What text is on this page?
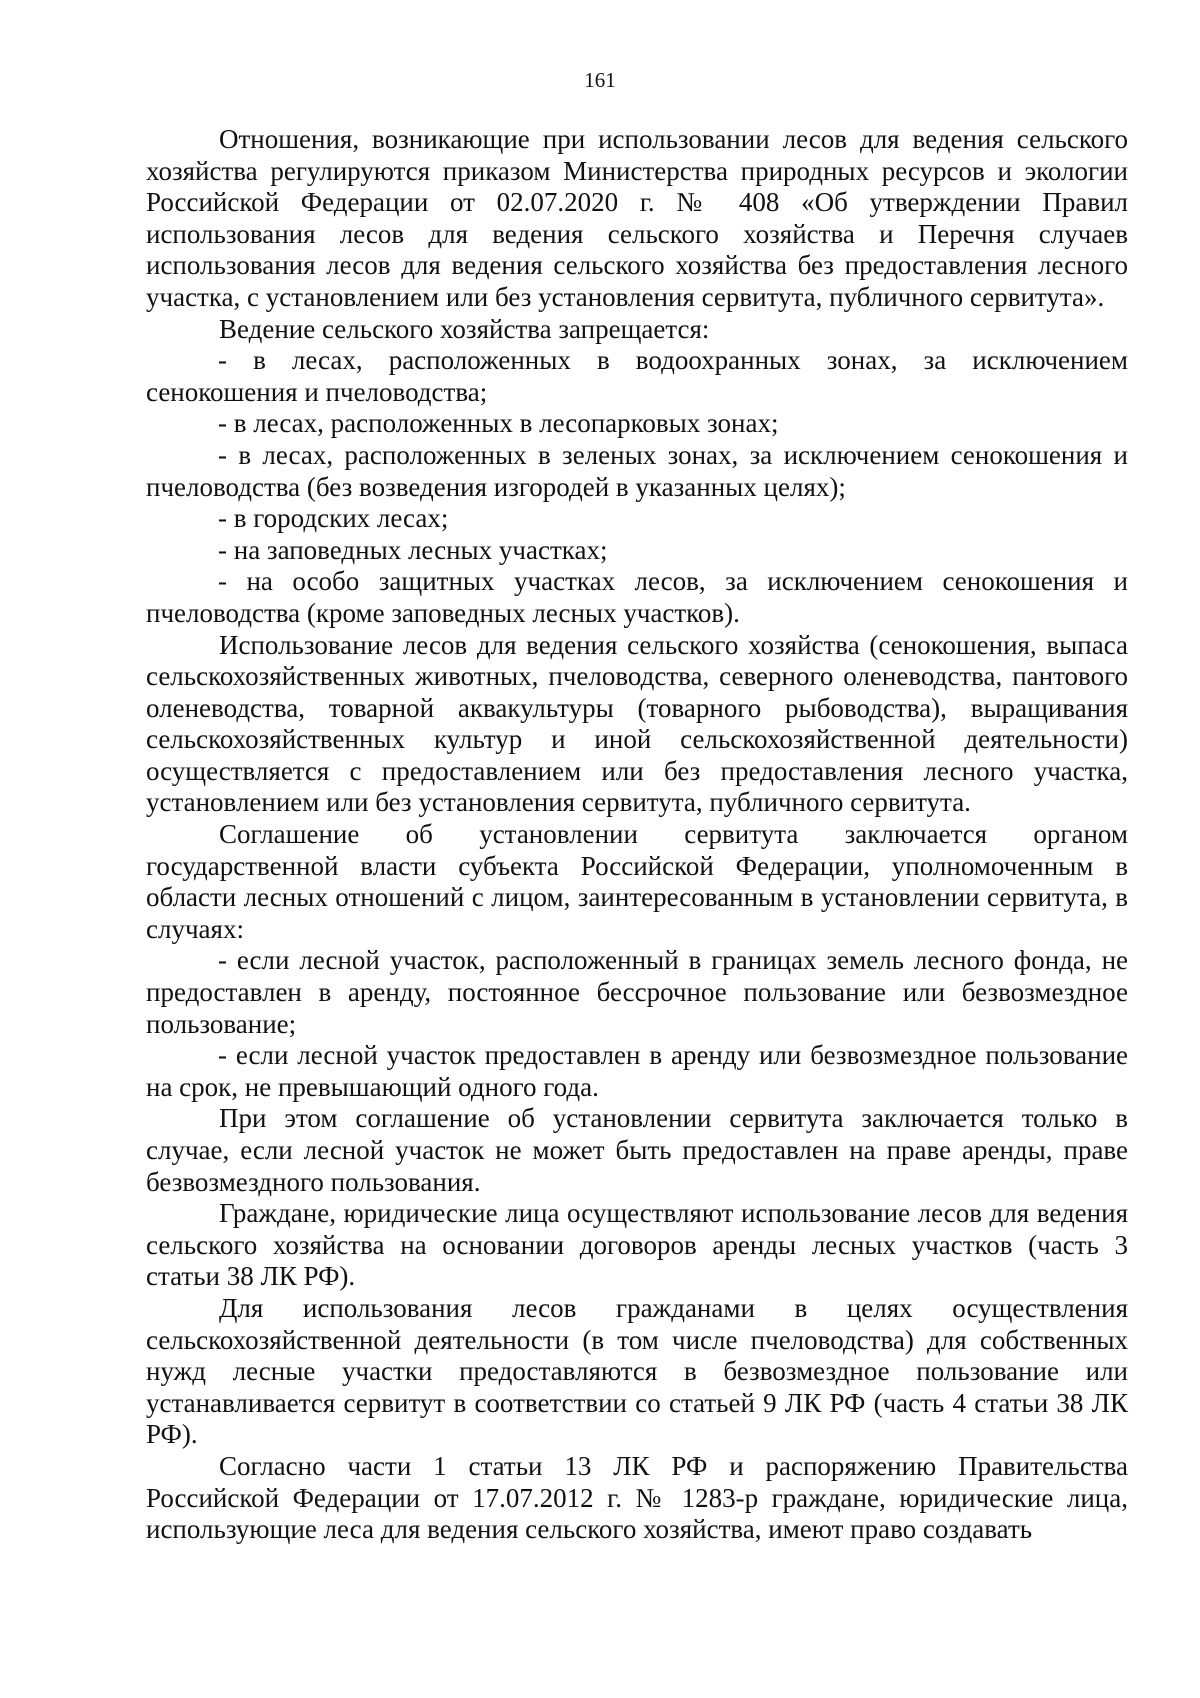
161

Отношения, возникающие при использовании лесов для ведения сельского хозяйства регулируются приказом Министерства природных ресурсов и экологии Российской Федерации от 02.07.2020 г. № 408 «Об утверждении Правил использования лесов для ведения сельского хозяйства и Перечня случаев использования лесов для ведения сельского хозяйства без предоставления лесного участка, с установлением или без установления сервитута, публичного сервитута».

Ведение сельского хозяйства запрещается:

- в лесах, расположенных в водоохранных зонах, за исключением сенокошения и пчеловодства;

- в лесах, расположенных в лесопарковых зонах;

- в лесах, расположенных в зеленых зонах, за исключением сенокошения и пчеловодства (без возведения изгородей в указанных целях);

- в городских лесах;

- на заповедных лесных участках;

- на особо защитных участках лесов, за исключением сенокошения и пчеловодства (кроме заповедных лесных участков).

Использование лесов для ведения сельского хозяйства (сенокошения, выпаса сельскохозяйственных животных, пчеловодства, северного оленеводства, пантового оленеводства, товарной аквакультуры (товарного рыбоводства), выращивания сельскохозяйственных культур и иной сельскохозяйственной деятельности) осуществляется с предоставлением или без предоставления лесного участка, установлением или без установления сервитута, публичного сервитута.

Соглашение об установлении сервитута заключается органом государственной власти субъекта Российской Федерации, уполномоченным в области лесных отношений с лицом, заинтересованным в установлении сервитута, в случаях:

- если лесной участок, расположенный в границах земель лесного фонда, не предоставлен в аренду, постоянное бессрочное пользование или безвозмездное пользование;

- если лесной участок предоставлен в аренду или безвозмездное пользование на срок, не превышающий одного года.

При этом соглашение об установлении сервитута заключается только в случае, если лесной участок не может быть предоставлен на праве аренды, праве безвозмездного пользования.

Граждане, юридические лица осуществляют использование лесов для ведения сельского хозяйства на основании договоров аренды лесных участков (часть 3 статьи 38 ЛК РФ).

Для использования лесов гражданами в целях осуществления сельскохозяйственной деятельности (в том числе пчеловодства) для собственных нужд лесные участки предоставляются в безвозмездное пользование или устанавливается сервитут в соответствии со статьей 9 ЛК РФ (часть 4 статьи 38 ЛК РФ).

Согласно части 1 статьи 13 ЛК РФ и распоряжению Правительства Российской Федерации от 17.07.2012 г. № 1283-р граждане, юридические лица, использующие леса для ведения сельского хозяйства, имеют право создавать
